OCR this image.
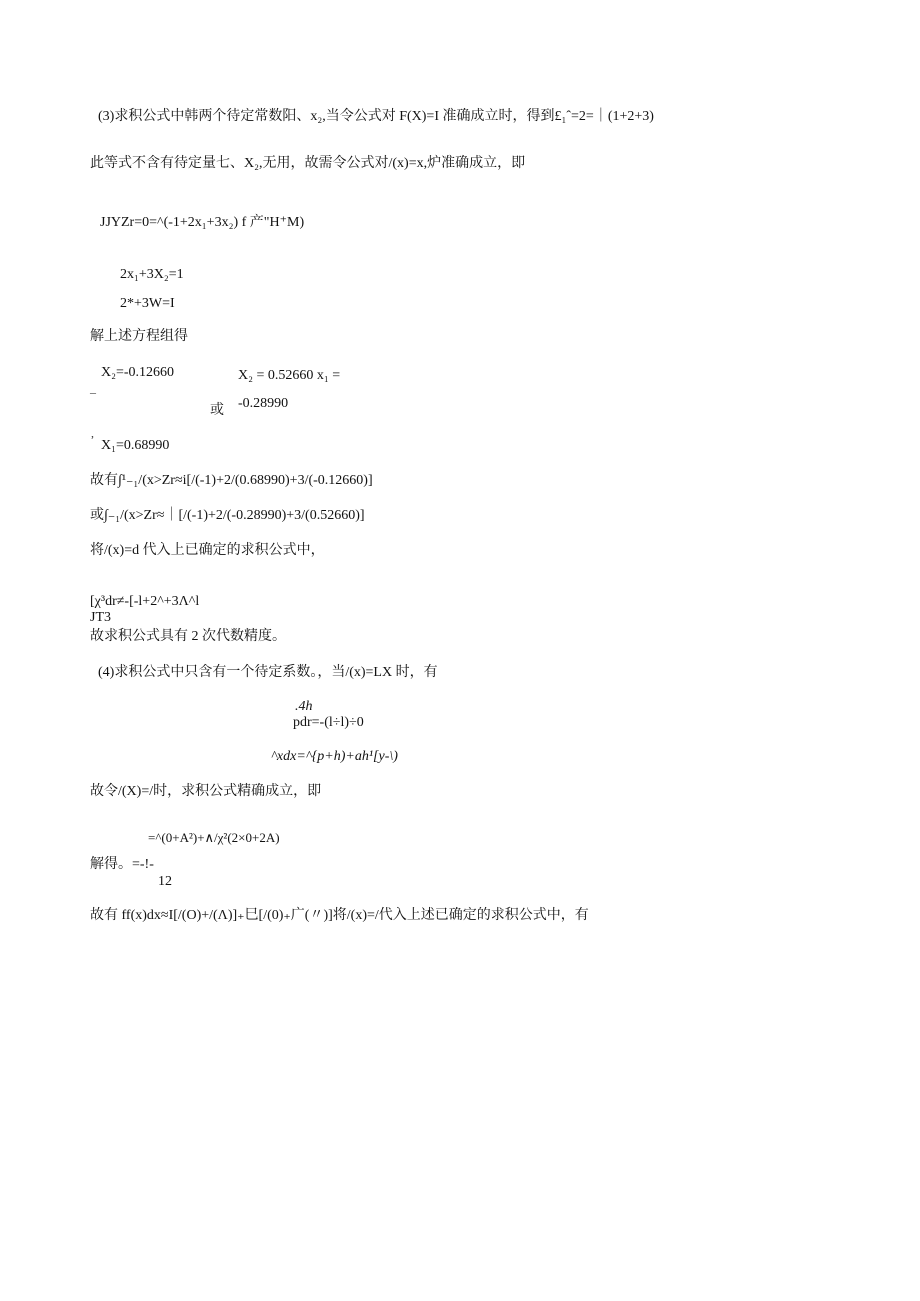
(3)求积公式中韩两个待定常数阳、x₂,当令公式对 F(X)=I 准确成立时，得到£₁ˆ=2=｜(1+2+3)
此等式不含有待定量七、X₂,无用，故需令公式对/(x)=x,炉准确成立，即
JJYZr=0=^(-1+2x₁+3x₂) f 产"H⁺M)
2x₁+3X₂=1
2*+3W=I
解上述方程组得
X₂=-0.12660	X₂ = 0.52660 x₁ =
–
-0.28990
或
,
X₁=0.68990
故有∫¹₋₁/(x>Zr≈i[/(-1)+2/(0.68990)+3/(-0.12660)]
或∫₋₁/(x>Zr≈｜[/(-1)+2/(-0.28990)+3/(0.52660)]
将/(x)=d 代入上已确定的求积公式中，
[χ³dr≠-[-l+2^+3Λ^l
JT3
故求积公式具有 2 次代数精度。
(4)求积公式中只含有一个待定系数。，当/(x)=LX 时，有
.4h
pdr=-(l÷l)÷0
^xdx=^{p+h)+ah¹[y-\)
故令/(X)=/时，求积公式精确成立，即
=^(0+A²)+∧/χ²(2×0+2A)
解得。=-!-
12
故有 ff(x)dx≈I[/(O)+/(Λ)]₊巳[/(0)₊广(〃)]将/(x)=/代入上述已确定的求积公式中，有
